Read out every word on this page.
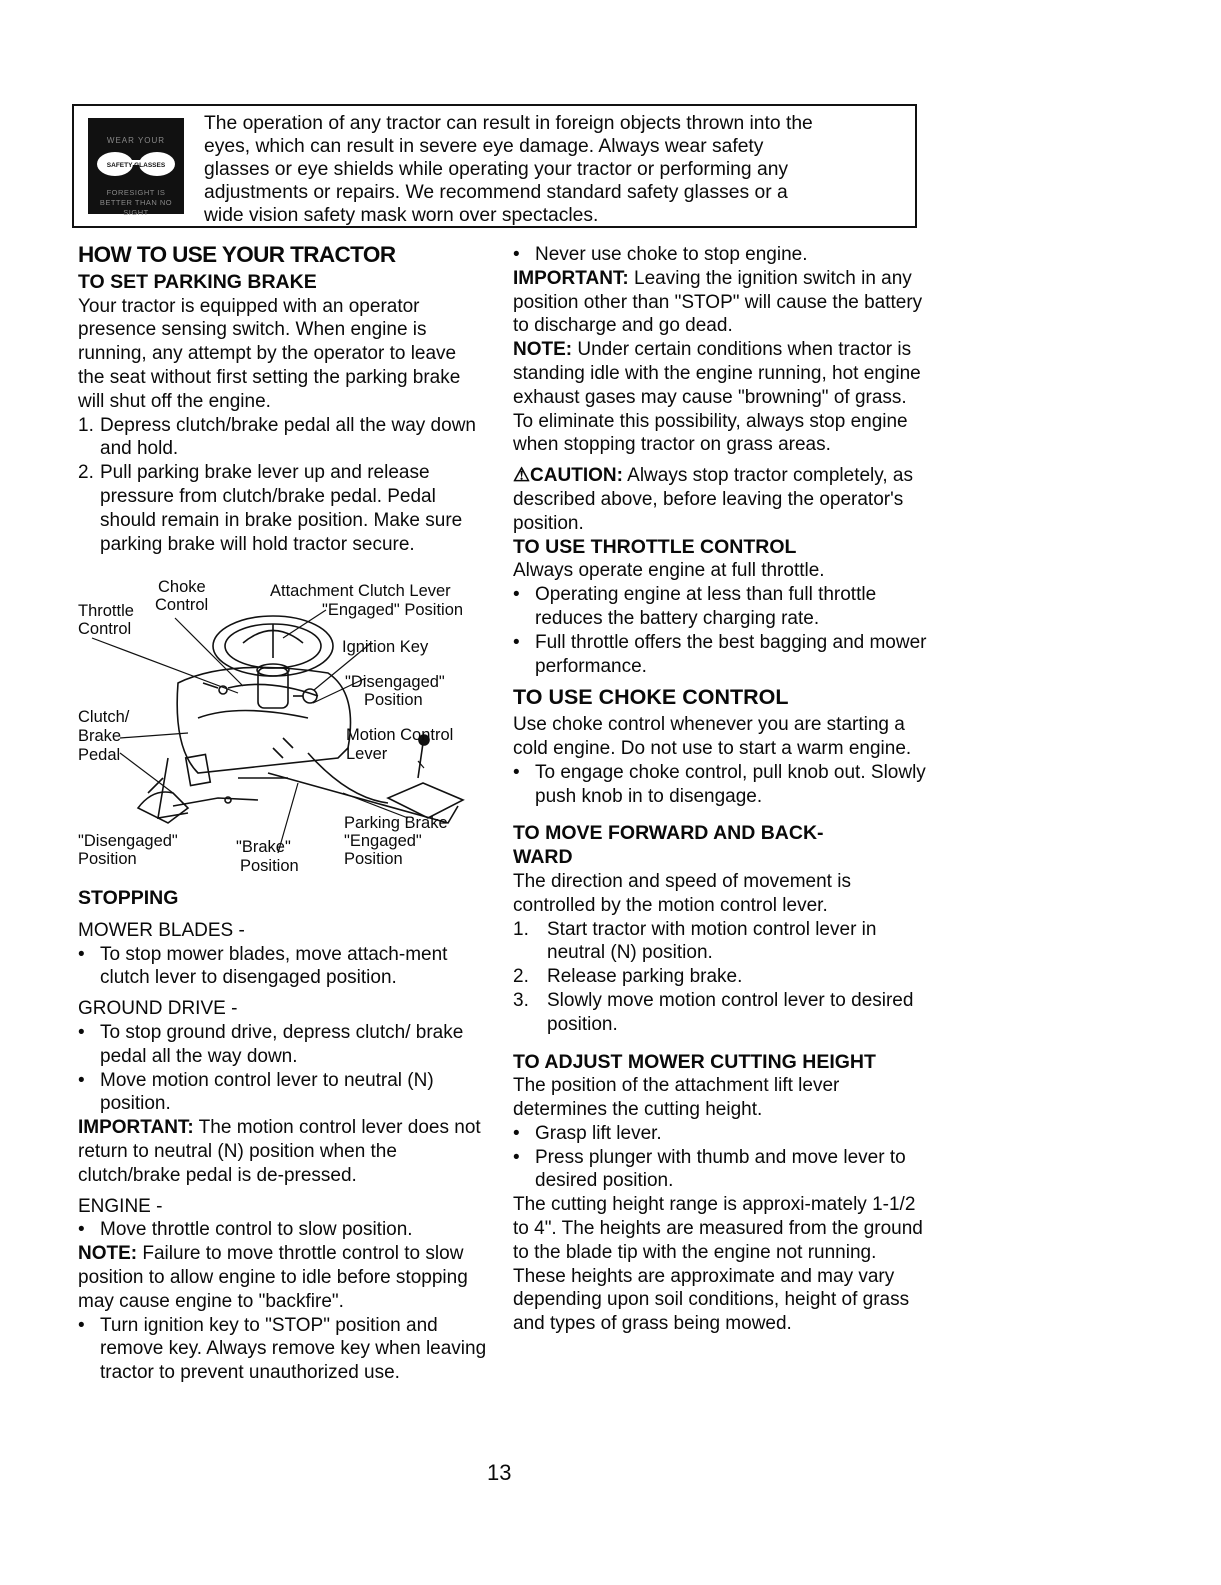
WEAR YOUR
SAFETY GLASSES
FORESIGHT IS BETTER THAN NO SIGHT

The operation of any tractor can result in foreign objects thrown into the

eyes, which can result in severe eye damage. Always wear safety

glasses or eye shields while operating your tractor or performing any

adjustments or repairs. We recommend standard safety glasses or a

wide vision safety mask worn over spectacles.

HOW TO USE YOUR TRACTOR

TO SET PARKING BRAKE

Your tractor is equipped with an operator presence sensing switch. When engine is running, any attempt by the operator to leave the seat without first setting the parking brake will shut off the engine.

1. Depress clutch/brake pedal all the way down and hold.
2. Pull parking brake lever up and release pressure from clutch/brake pedal. Pedal should remain in brake position. Make sure parking brake will hold tractor secure.
Choke
Control
Throttle
Control
Attachment Clutch Lever
"Engaged" Position
Ignition Key
"Disengaged"
Position
Clutch/
Brake
Pedal
Motion Control
Lever
Parking Brake
"Engaged"
Position
"Disengaged"
Position
"Brake"
Position

STOPPING

MOWER BLADES -

• To stop mower blades, move attach-ment clutch lever to disengaged position.

GROUND DRIVE -

• To stop ground drive, depress clutch/ brake pedal all the way down.
• Move motion control lever to neutral (N) position.

IMPORTANT: The motion control lever does not return to neutral (N) position when the clutch/brake pedal is de-pressed.

ENGINE -

• Move throttle control to slow position.

NOTE: Failure to move throttle control to slow position to allow engine to idle before stopping may cause engine to "backfire".

• Turn ignition key to "STOP" position and remove key. Always remove key when leaving tractor to prevent unauthorized use.
• Never use choke to stop engine.

IMPORTANT: Leaving the ignition switch in any position other than "STOP" will cause the battery to discharge and go dead.

NOTE: Under certain conditions when tractor is standing idle with the engine running, hot engine exhaust gases may cause "browning" of grass. To eliminate this possibility, always stop engine when stopping tractor on grass areas.

⚠CAUTION: Always stop tractor completely, as described above, before leaving the operator's position.

TO USE THROTTLE CONTROL

Always operate engine at full throttle.

• Operating engine at less than full throttle reduces the battery charging rate.
• Full throttle offers the best bagging and mower performance.

TO USE CHOKE CONTROL

Use choke control whenever you are starting a cold engine. Do not use to start a warm engine.

• To engage choke control, pull knob out. Slowly push knob in to disengage.

TO MOVE FORWARD AND BACK-WARD

The direction and speed of movement is controlled by the motion control lever.

1. Start tractor with motion control lever in neutral (N) position.
2. Release parking brake.
3. Slowly move motion control lever to desired position.

TO ADJUST MOWER CUTTING HEIGHT

The position of the attachment lift lever determines the cutting height.

• Grasp lift lever.
• Press plunger with thumb and move lever to desired position.

The cutting height range is approxi-mately 1-1/2 to 4". The heights are measured from the ground to the blade tip with the engine not running. These heights are approximate and may vary depending upon soil conditions, height of grass and types of grass being mowed.

13
